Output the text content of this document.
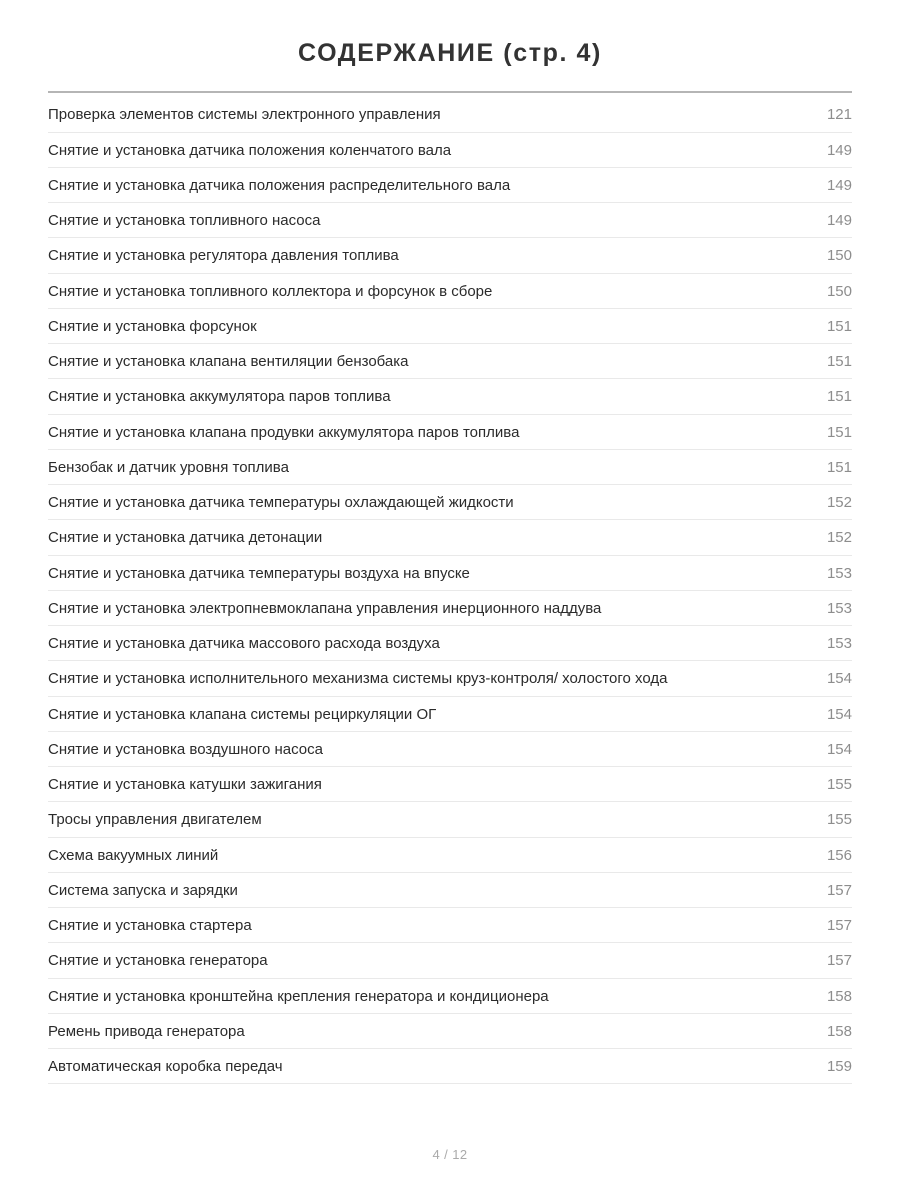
СОДЕРЖАНИЕ (стр. 4)
Проверка элементов системы электронного управления	121
Снятие и установка датчика положения коленчатого вала	149
Снятие и установка датчика положения распределительного вала	149
Снятие и установка топливного насоса	149
Снятие и установка регулятора давления топлива	150
Снятие и установка топливного коллектора и форсунок в сборе	150
Снятие и установка форсунок	151
Снятие и установка клапана вентиляции бензобака	151
Снятие и установка аккумулятора паров топлива	151
Снятие и установка клапана продувки аккумулятора паров топлива	151
Бензобак и датчик уровня топлива	151
Снятие и установка датчика температуры охлаждающей жидкости	152
Снятие и установка датчика детонации	152
Снятие и установка датчика температуры воздуха на впуске	153
Снятие и установка электропневмоклапана управления инерционного наддува	153
Снятие и установка датчика массового расхода воздуха	153
Снятие и установка исполнительного механизма системы круз-контроля/ холостого хода	154
Снятие и установка клапана системы рециркуляции ОГ	154
Снятие и установка воздушного насоса	154
Снятие и установка катушки зажигания	155
Тросы управления двигателем	155
Схема вакуумных линий	156
Система запуска и зарядки	157
Снятие и установка стартера	157
Снятие и установка генератора	157
Снятие и установка кронштейна крепления генератора и кондиционера	158
Ремень привода генератора	158
Автоматическая коробка передач	159
4 / 12
